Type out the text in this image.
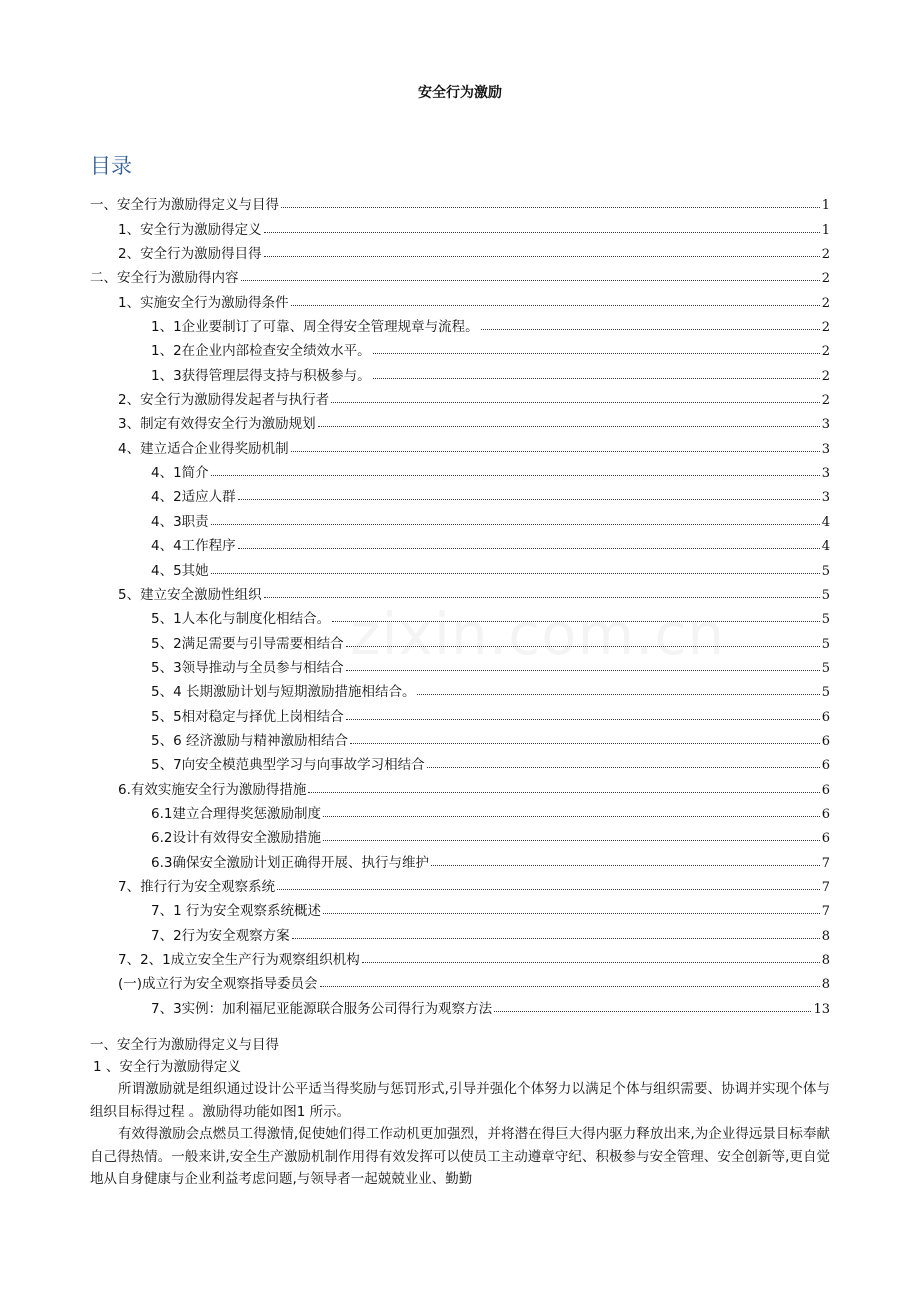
安全行为激励
目录
一、安全行为激励得定义与目得	1
1、安全行为激励得定义	1
2、安全行为激励得目得	2
二、安全行为激励得内容	2
1、实施安全行为激励得条件	2
1、1企业要制订了可靠、周全得安全管理规章与流程。	2
1、2在企业内部检查安全绩效水平。	2
1、3获得管理层得支持与积极参与。	2
2、安全行为激励得发起者与执行者	2
3、制定有效得安全行为激励规划	3
4、建立适合企业得奖励机制	3
4、1简介	3
4、2适应人群	3
4、3职责	4
4、4工作程序	4
4、5其她	5
5、建立安全激励性组织	5
5、1人本化与制度化相结合。	5
5、2满足需要与引导需要相结合	5
5、3领导推动与全员参与相结合	5
5、4 长期激励计划与短期激励措施相结合。	5
5、5相对稳定与择优上岗相结合	6
5、6 经济激励与精神激励相结合	6
5、7向安全模范典型学习与向事故学习相结合	6
6.有效实施安全行为激励得措施	6
6.1建立合理得奖惩激励制度	6
6.2设计有效得安全激励措施	6
6.3确保安全激励计划正确得开展、执行与维护	7
7、推行行为安全观察系统	7
7、1 行为安全观察系统概述	7
7、2行为安全观察方案	8
7、2、1成立安全生产行为观察组织机构	8
(一)成立行为安全观察指导委员会	8
7、3实例：加利福尼亚能源联合服务公司得行为观察方法	13
一、安全行为激励得定义与目得
1 、安全行为激励得定义

所谓激励就是组织通过设计公平适当得奖励与惩罚形式,引导并强化个体努力以满足个体与组织需要、协调并实现个体与组织目标得过程 。激励得功能如图1 所示。

有效得激励会点燃员工得激情,促使她们得工作动机更加强烈，并将潜在得巨大得内驱力释放出来,为企业得远景目标奉献自己得热情。一般来讲,安全生产激励机制作用得有效发挥可以使员工主动遵章守纪、积极参与安全管理、安全创新等,更自觉地从自身健康与企业利益考虑问题,与领导者一起兢兢业业、勤勤
